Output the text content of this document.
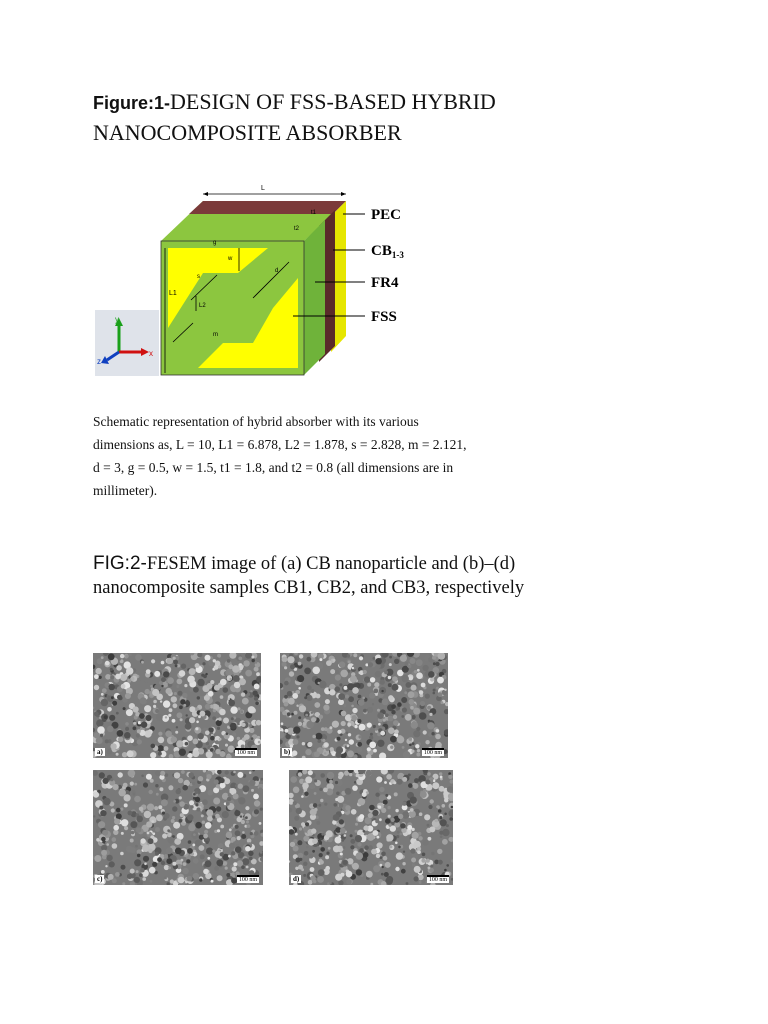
Figure:1-DESIGN OF FSS-BASED HYBRID NANOCOMPOSITE ABSORBER
y
z
x
L
t1
t2
g
w
s
d
L1
L2
m
PEC
$CB_{1-3}$
FR4
FSS
Schematic representation of hybrid absorber with its various
dimensions as, L = 10, L1 = 6.878, L2 = 1.878, s = 2.828, m = 2.121,
d = 3, g = 0.5, w = 1.5, t1 = 1.8, and t2 = 0.8 (all dimensions are in
millimeter).
FIG:2-FESEM image of (a) CB nanoparticle and (b)–(d)
nanocomposite samples CB1, CB2, and CB3, respectively
a)	100 nm	b)	100 nm
c)	100 nm	d)	100 nm
